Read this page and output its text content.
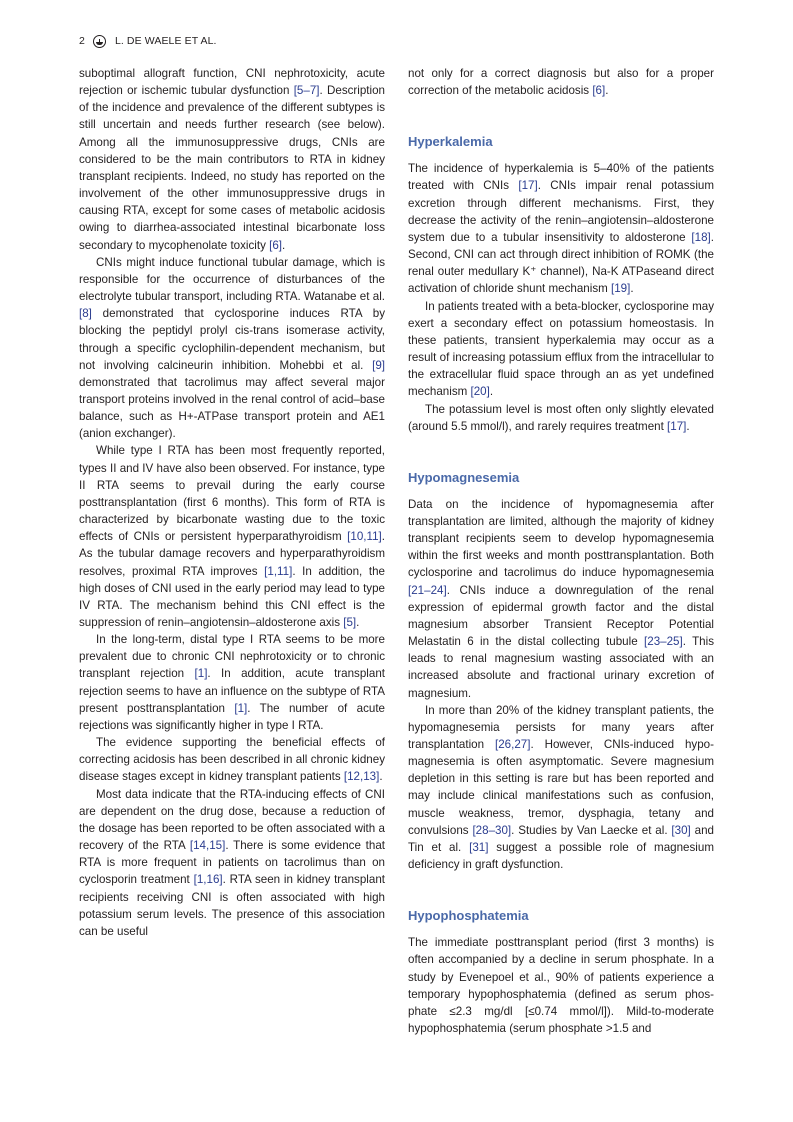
2	L. DE WAELE ET AL.

suboptimal allograft function, CNI nephrotoxicity, acute rejection or ischemic tubular dysfunction [5–7]. Description of the incidence and prevalence of the different subtypes is still uncertain and needs further research (see below). Among all the immunosuppressive drugs, CNIs are considered to be the main contributors to RTA in kidney transplant recipients. Indeed, no study has reported on the involvement of the other immunosuppressive drugs in causing RTA, except for some cases of metabolic acidosis owing to diarrhea-associated intestinal bicarbonate loss secondary to mycophenolate toxicity [6].

CNIs might induce functional tubular damage, which is responsible for the occurrence of disturbances of the electrolyte tubular transport, including RTA. Watanabe et al. [8] demonstrated that cyclosporine induces RTA by blocking the peptidyl prolyl cis-trans isomerase activity, through a specific cyclophilin-dependent mechanism, but not involving calcineurin inhibition. Mohebbi et al. [9] demonstrated that tacrolimus may affect several major transport proteins involved in the renal control of acid–base balance, such as H+-ATPase transport protein and AE1 (anion exchanger).

While type I RTA has been most frequently reported, types II and IV have also been observed. For instance, type II RTA seems to prevail during the early course posttransplantation (first 6 months). This form of RTA is characterized by bicarbonate wasting due to the toxic effects of CNIs or persistent hyperparathyroidism [10,11]. As the tubular damage recovers and hyperparathyroidism resolves, proximal RTA improves [1,11]. In addition, the high doses of CNI used in the early period may lead to type IV RTA. The mechanism behind this CNI effect is the suppression of renin–angiotensin–aldosterone axis [5].

In the long-term, distal type I RTA seems to be more prevalent due to chronic CNI nephrotoxicity or to chronic transplant rejection [1]. In addition, acute transplant rejection seems to have an influence on the subtype of RTA present posttransplantation [1]. The number of acute rejections was significantly higher in type I RTA.

The evidence supporting the beneficial effects of correcting acidosis has been described in all chronic kidney disease stages except in kidney transplant patients [12,13].

Most data indicate that the RTA-inducing effects of CNI are dependent on the drug dose, because a reduction of the dosage has been reported to be often associated with a recovery of the RTA [14,15]. There is some evidence that RTA is more frequent in patients on tacrolimus than on cyclosporin treatment [1,16]. RTA seen in kidney transplant recipients receiving CNI is often associated with high potassium serum levels. The presence of this association can be useful

not only for a correct diagnosis but also for a proper correction of the metabolic acidosis [6].

Hyperkalemia

The incidence of hyperkalemia is 5–40% of the patients treated with CNIs [17]. CNIs impair renal potassium excretion through different mechanisms. First, they decrease the activity of the renin–angiotensin–aldosterone system due to a tubular insensitivity to aldosterone [18]. Second, CNI can act through direct inhibition of ROMK (the renal outer medullary K⁺ channel), Na-K ATPaseand direct activation of chloride shunt mechanism [19].

In patients treated with a beta-blocker, cyclosporine may exert a secondary effect on potassium homeostasis. In these patients, transient hyperkalemia may occur as a result of increasing potassium efflux from the intracellular to the extracellular fluid space through an as yet undefined mechanism [20].

The potassium level is most often only slightly elevated (around 5.5 mmol/l), and rarely requires treatment [17].

Hypomagnesemia

Data on the incidence of hypomagnesemia after transplantation are limited, although the majority of kidney transplant recipients seem to develop hypomagnesemia within the first weeks and month posttransplantation. Both cyclosporine and tacrolimus do induce hypomagnesemia [21–24]. CNIs induce a downregulation of the renal expression of epidermal growth factor and the distal magnesium absorber Transient Receptor Potential Melastatin 6 in the distal collecting tubule [23–25]. This leads to renal magnesium wasting associated with an increased absolute and fractional urinary excretion of magnesium.

In more than 20% of the kidney transplant patients, the hypomagnesemia persists for many years after transplantation [26,27]. However, CNIs-induced hypomagnesemia is often asymptomatic. Severe magnesium depletion in this setting is rare but has been reported and may include clinical manifestations such as confusion, muscle weakness, tremor, dysphagia, tetany and convulsions [28–30]. Studies by Van Laecke et al. [30] and Tin et al. [31] suggest a possible role of magnesium deficiency in graft dysfunction.

Hypophosphatemia

The immediate posttransplant period (first 3 months) is often accompanied by a decline in serum phosphate. In a study by Evenepoel et al., 90% of patients experience a temporary hypophosphatemia (defined as serum phosphate ≤2.3 mg/dl [≤0.74 mmol/l]). Mild-to-moderate hypophosphatemia (serum phosphate >1.5 and
